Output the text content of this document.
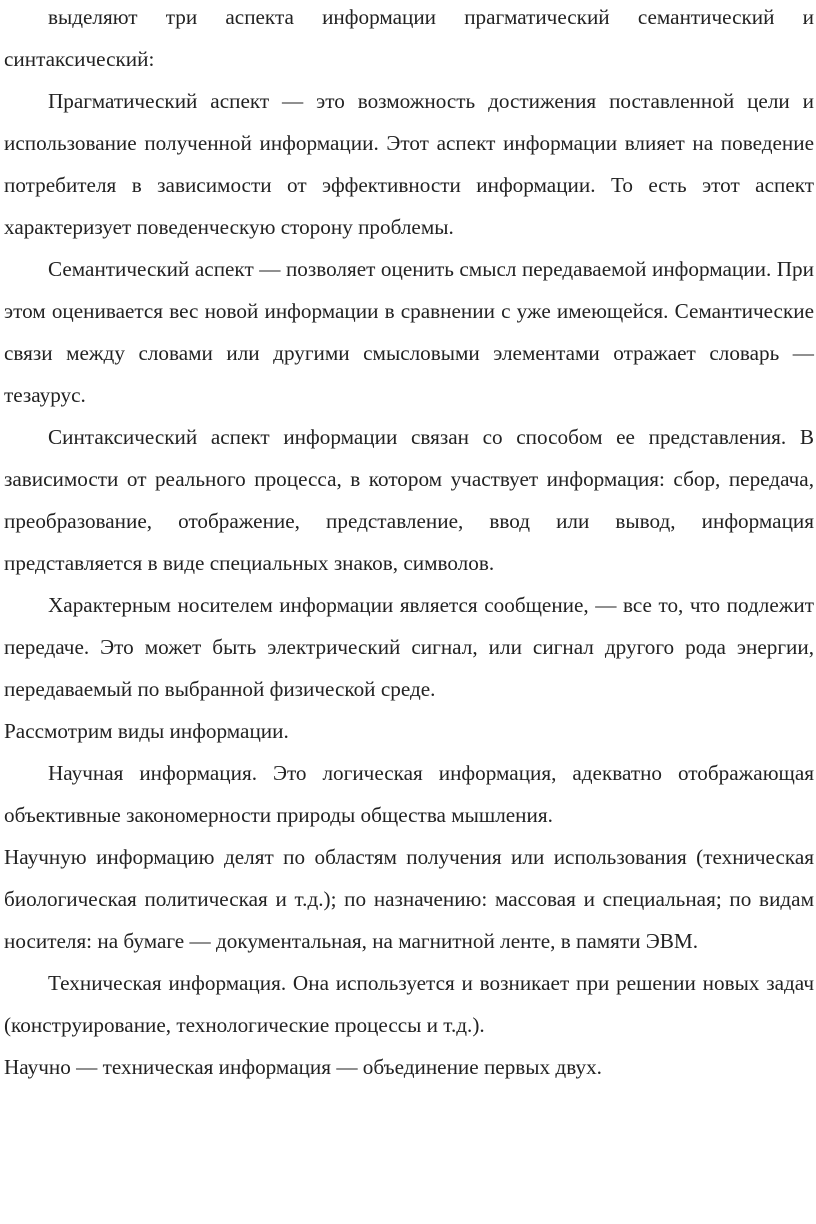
выделяют три аспекта информации прагматический семантический и синтаксический:

Прагматический аспект — это возможность достижения поставленной цели и использование полученной информации. Этот аспект информации влияет на поведение потребителя в зависимости от эффективности информации. То есть этот аспект характеризует поведенческую сторону проблемы.

Семантический аспект — позволяет оценить смысл передаваемой информации. При этом оценивается вес новой информации в сравнении с уже имеющейся. Семантические связи между словами или другими смысловыми элементами отражает словарь — тезаурус.

Синтаксический аспект информации связан со способом ее представления. В зависимости от реального процесса, в котором участвует информация: сбор, передача, преобразование, отображение, представление, ввод или вывод, информация представляется в виде специальных знаков, символов.

Характерным носителем информации является сообщение, — все то, что подлежит передаче. Это может быть электрический сигнал, или сигнал другого рода энергии, передаваемый по выбранной физической среде.

Рассмотрим виды информации.

Научная информация. Это логическая информация, адекватно отображающая объективные закономерности природы общества мышления.

Научную информацию делят по областям получения или использования (техническая биологическая политическая и т.д.); по назначению: массовая и специальная; по видам носителя: на бумаге — документальная, на магнитной ленте, в памяти ЭВМ.

Техническая информация. Она используется и возникает при решении новых задач (конструирование, технологические процессы и т.д.).

Научно — техническая информация — объединение первых двух.
